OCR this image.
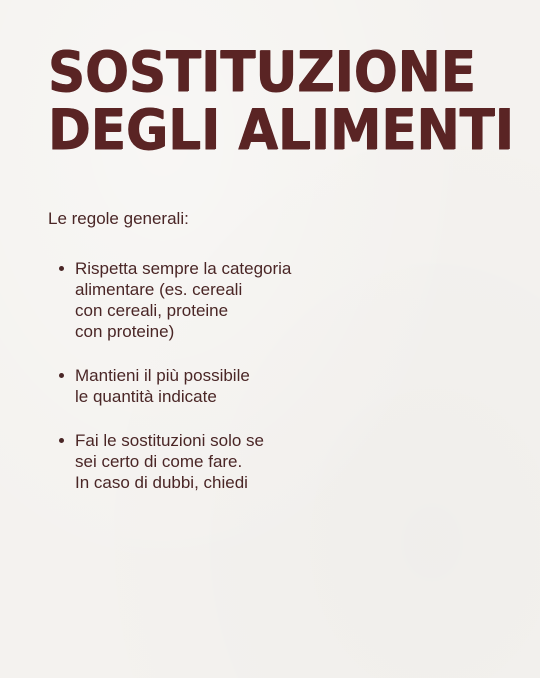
SOSTITUZIONE
DEGLI ALIMENTI

Le regole generali:

Rispetta sempre la categoria
alimentare (es. cereali
con cereali, proteine
con proteine)
Mantieni il più possibile
le quantità indicate
Fai le sostituzioni solo se
sei certo di come fare.
In caso di dubbi, chiedi
